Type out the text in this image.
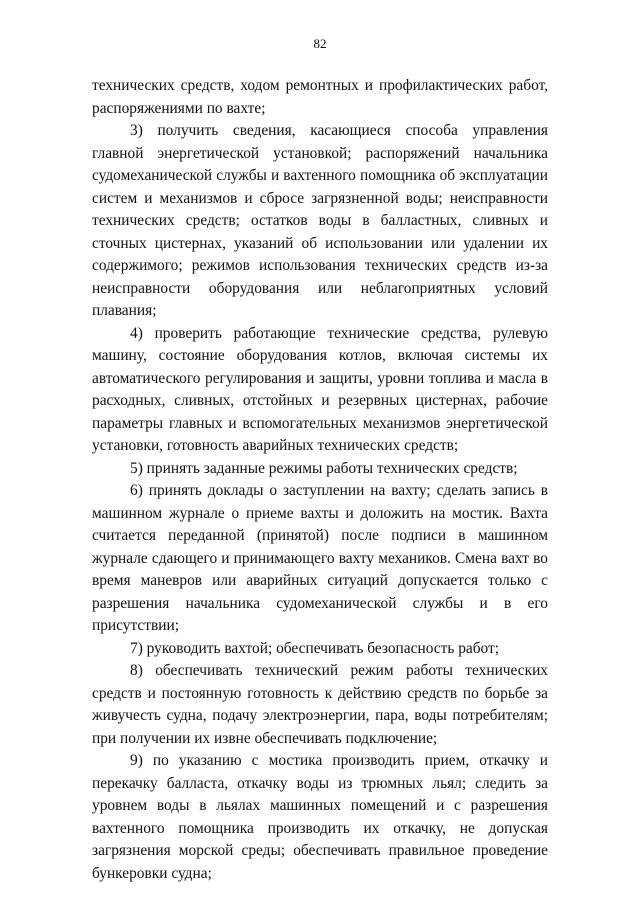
82

технических средств, ходом ремонтных и профилактических работ, распоряжениями по вахте;

3) получить сведения, касающиеся способа управления главной энергетической установкой; распоряжений начальника судомеханической службы и вахтенного помощника об эксплуатации систем и механизмов и сбросе загрязненной воды; неисправности технических средств; остатков воды в балластных, сливных и сточных цистернах, указаний об использовании или удалении их содержимого; режимов использования технических средств из-за неисправности оборудования или неблагоприятных условий плавания;

4) проверить работающие технические средства, рулевую машину, состояние оборудования котлов, включая системы их автоматического регулирования и защиты, уровни топлива и масла в расходных, сливных, отстойных и резервных цистернах, рабочие параметры главных и вспомогательных механизмов энергетической установки, готовность аварийных технических средств;

5) принять заданные режимы работы технических средств;

6) принять доклады о заступлении на вахту; сделать запись в машинном журнале о приеме вахты и доложить на мостик. Вахта считается переданной (принятой) после подписи в машинном журнале сдающего и принимающего вахту механиков. Смена вахт во время маневров или аварийных ситуаций допускается только с разрешения начальника судомеханической службы и в его присутствии;

7) руководить вахтой; обеспечивать безопасность работ;

8) обеспечивать технический режим работы технических средств и постоянную готовность к действию средств по борьбе за живучесть судна, подачу электроэнергии, пара, воды потребителям; при получении их извне обеспечивать подключение;

9) по указанию с мостика производить прием, откачку и перекачку балласта, откачку воды из трюмных льял; следить за уровнем воды в льялах машинных помещений и с разрешения вахтенного помощника производить их откачку, не допуская загрязнения морской среды; обеспечивать правильное проведение бункеровки судна;
